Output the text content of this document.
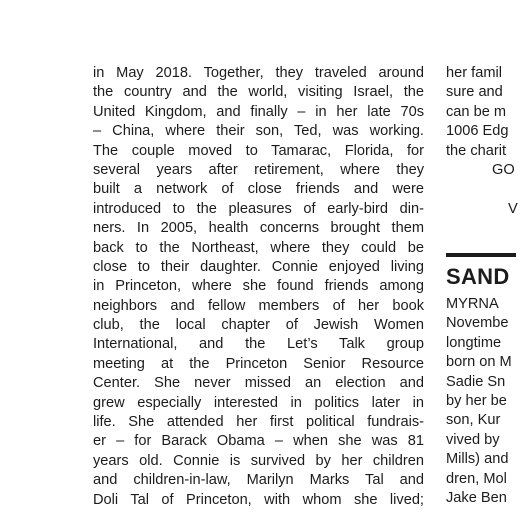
in May 2018. Together, they traveled around
the country and the world, visiting Israel, the
United Kingdom, and finally – in her late 70s
– China, where their son, Ted, was working.
The couple moved to Tamarac, Florida, for
several years after retirement, where they
built a network of close friends and were
introduced to the pleasures of early-bird din-
ners. In 2005, health concerns brought them
back to the Northeast, where they could be
close to their daughter. Connie enjoyed living
in Princeton, where she found friends among
neighbors and fellow members of her book
club, the local chapter of Jewish Women
International, and the Let’s Talk group
meeting at the Princeton Senior Resource
Center. She never missed an election and
grew especially interested in politics later in
life. She attended her first political fundrais-
er – for Barack Obama – when she was 81
years old. Connie is survived by her children
and children-in-law, Marilyn Marks Tal and
Doli Tal of Princeton, with whom she lived;
her famil
sure and
can be m
1006 Edg
the charit
GO
V
SAND
MYRNA
Novembe
longtime
born on M
Sadie Sn
by her be
son, Kur
vived by
Mills) and
dren, Mol
Jake Ben
